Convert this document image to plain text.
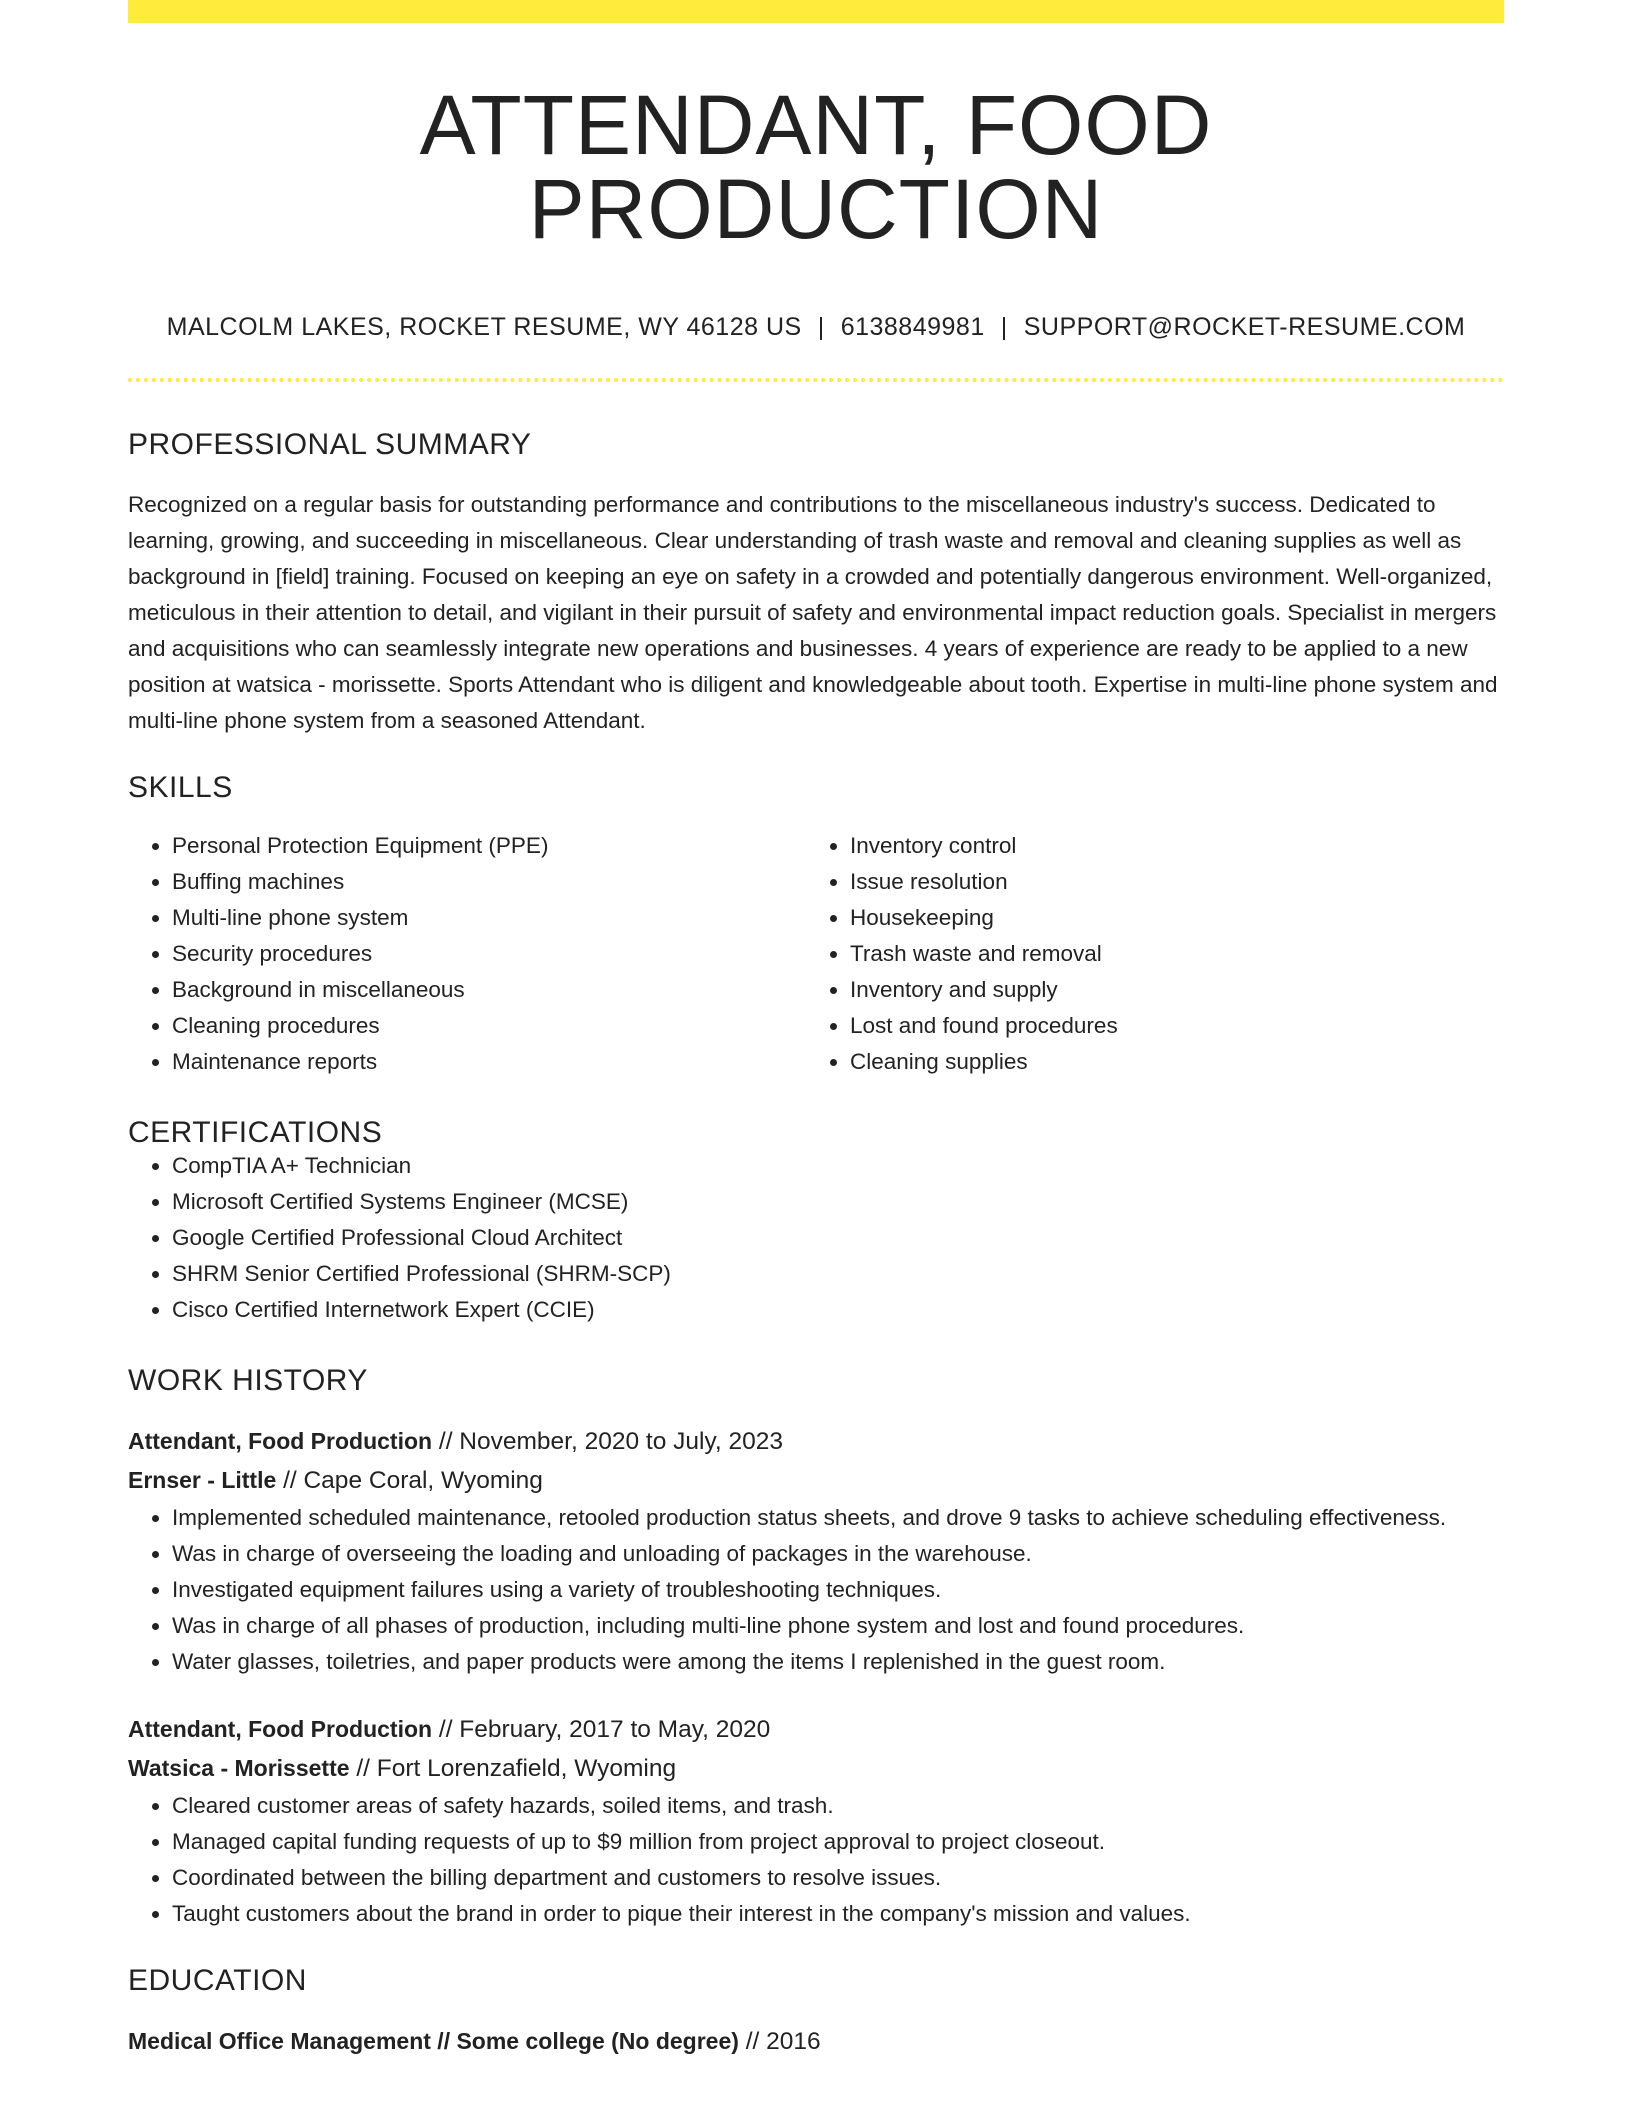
ATTENDANT, FOOD PRODUCTION
MALCOLM LAKES, ROCKET RESUME, WY 46128 US | 6138849981 | SUPPORT@ROCKET-RESUME.COM
PROFESSIONAL SUMMARY
Recognized on a regular basis for outstanding performance and contributions to the miscellaneous industry's success. Dedicated to learning, growing, and succeeding in miscellaneous. Clear understanding of trash waste and removal and cleaning supplies as well as background in [field] training. Focused on keeping an eye on safety in a crowded and potentially dangerous environment. Well-organized, meticulous in their attention to detail, and vigilant in their pursuit of safety and environmental impact reduction goals. Specialist in mergers and acquisitions who can seamlessly integrate new operations and businesses. 4 years of experience are ready to be applied to a new position at watsica - morissette. Sports Attendant who is diligent and knowledgeable about tooth. Expertise in multi-line phone system and multi-line phone system from a seasoned Attendant.
SKILLS
• Personal Protection Equipment (PPE)
• Buffing machines
• Multi-line phone system
• Security procedures
• Background in miscellaneous
• Cleaning procedures
• Maintenance reports
• Inventory control
• Issue resolution
• Housekeeping
• Trash waste and removal
• Inventory and supply
• Lost and found procedures
• Cleaning supplies
CERTIFICATIONS
• CompTIA A+ Technician
• Microsoft Certified Systems Engineer (MCSE)
• Google Certified Professional Cloud Architect
• SHRM Senior Certified Professional (SHRM-SCP)
• Cisco Certified Internetwork Expert (CCIE)
WORK HISTORY
Attendant, Food Production // November, 2020 to July, 2023
Ernser - Little // Cape Coral, Wyoming
• Implemented scheduled maintenance, retooled production status sheets, and drove 9 tasks to achieve scheduling effectiveness.
• Was in charge of overseeing the loading and unloading of packages in the warehouse.
• Investigated equipment failures using a variety of troubleshooting techniques.
• Was in charge of all phases of production, including multi-line phone system and lost and found procedures.
• Water glasses, toiletries, and paper products were among the items I replenished in the guest room.
Attendant, Food Production // February, 2017 to May, 2020
Watsica - Morissette // Fort Lorenzafield, Wyoming
• Cleared customer areas of safety hazards, soiled items, and trash.
• Managed capital funding requests of up to $9 million from project approval to project closeout.
• Coordinated between the billing department and customers to resolve issues.
• Taught customers about the brand in order to pique their interest in the company's mission and values.
EDUCATION
Medical Office Management // Some college (No degree) // 2016
